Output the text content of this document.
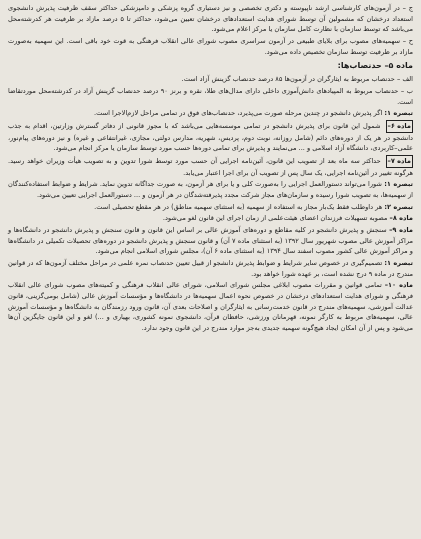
ج – در آزمون‌های کارشناسی ارشد ناپیوسته و دکتری تخصصی و نیز دستیاری گروه پزشکی و دامپزشکی حداکثر سقف ظرفیت پذیرش دانشجوی استعداد درخشان که مشمولین آن توسط شورای هدایت استعدادهای درخشان تعیین می‌شود، حداکثر تا ۵ درصد مازاد بر ظرفیت هر کدرشته‌محل می‌باشد که توسط سازمان با نظارت کامل سازمان یا مرکز اعلام می‌شود.

ح – سهمیه‌های مصوب برای بلایای طبیعی در آزمون سراسری مصوب شورای عالی انقلاب فرهنگی به قوت خود باقی است. این سهمیه به‌صورت مازاد بر ظرفیت توسط سازمان تخصیص داده می‌شود.

ماده ۵– حدنصاب‌ها:

الف – حدنصاب مربوط به ایثارگران در آزمون‌ها ۸۵ درصد حدنصاب گزینش آزاد است.

ب – حدنصاب مربوط به المپیادهای دانش‌آموزی داخلی دارای مدال‌های طلا، نقره و برنز ۹۰ درصد حدنصاب گزینش آزاد در کدرشته‌محل موردتقاضا است.

تبصره ۱: اگر پذیرش دانشجو در چندین مرحله صورت می‌پذیرد، حدنصاب‌های فوق در تمامی مراحل لازم‌الاجرا است.

ماده ۶– شمول این قانون برای پذیرش دانشجو در تمامی موسسه‌هایی می‌باشد که با مجوز قانونی از دفاتر گسترش وزارتین، اقدام به جذب دانشجو در هر یک از دوره‌های دائم (شامل روزانه، نوبت دوم، پردیس، شهریه، مدارس دولتی، مجازی، غیرانتفاعی و غیره) و نیز دوره‌های پیام‌نور، علمی–کاربردی، دانشگاه آزاد اسلامی و ... می‌نمایند و پذیرش برای تمامی دوره‌ها حسب مورد توسط سازمان یا مرکز انجام می‌شود.

ماده ۷– حداکثر سه ماه بعد از تصویب این قانون، آئین‌نامه اجرایی آن حسب مورد توسط شورا تدوین و به تصویب هیأت وزیران خواهد رسید. هرگونه تغییر در آئین‌نامه اجرایی، یک سال پس از تصویب آن برای اجرا اعتبار می‌یابد.

تبصره ۱: شورا می‌تواند دستورالعمل اجرایی را به‌صورت کلی و یا برای هر آزمون، به صورت جداگانه تدوین نماید. شرایط و ضوابط استفاده‌کنندگان از سهمیه‌ها، به تصویب شورا رسیده و سازمان‌های مجاز شرکت مجدد پذیرفته‌شدگان در هر آزمون و ... دستورالعمل اجرایی تعیین می‌شود.

تبصره ۲: هر داوطلب فقط یک‌بار مجاز به استفاده از سهمیه (به استثنای سهمیه مناطق) در هر مقطع تحصیلی است.

ماده ۸– مصوبه تسهیلات فرزندان اعضای هیئت‌علمی از زمان اجرای این قانون لغو می‌شود.

ماده ۹– سنجش و پذیرش دانشجو در کلیه مقاطع و دوره‌های آموزش عالی بر اساس این قانون و قانون سنجش و پذیرش دانشجو در دانشگاه‌ها و مراکز آموزش عالی مصوب شهریور سال ۱۳۹۲ (به استثنای ماده ۷ آن) و قانون سنجش و پذیرش دانشجو در دوره‌های تحصیلات تکمیلی در دانشگاه‌ها و مراکز آموزش عالی کشور مصوب اسفند سال ۱۳۹۴ (به استثنای ماده ۶ آن)، مجلس شورای اسلامی انجام می‌شود.

تبصره ۱: تصمیم‌گیری در خصوص سایر شرایط و ضوابط پذیرش دانشجو از قبیل تعیین حدنصاب نمره علمی در مراحل مختلف آزمون‌ها که در قوانین مندرج در ماده ۹ درج نشده است، بر عهده شورا خواهد بود.

ماده ۱۰– تمامی قوانین و مقررات مصوب ابلاغی مجلس شورای اسلامی، شورای عالی انقلاب فرهنگی و کمیته‌های مصوب شورای عالی انقلاب فرهنگی و شورای هدایت استعدادهای درخشان در خصوص نحوه اعمال سهمیه‌ها در دانشگاه‌ها و مؤسسات آموزش عالی (شامل بومی‌گزینی، قانون عدالت آموزشی، سهمیه‌های مندرج در قانون خدمت‌رسانی به ایثارگران و اصلاحات بعدی آن، قانون ورود رزمندگان به دانشگاه‌ها و مؤسسات آموزش عالی، سهمیه‌های مربوط به کارگر نمونه، قهرمانان ورزشی، حافظان قرآن، دانشجوی نمونه کشوری، بهیاری و ...) لغو و این قانون جایگزین آن‌ها می‌شود و پس از آن امکان ایجاد هیچ‌گونه سهمیه جدیدی به‌جز موارد مندرج در این قانون وجود ندارد.
